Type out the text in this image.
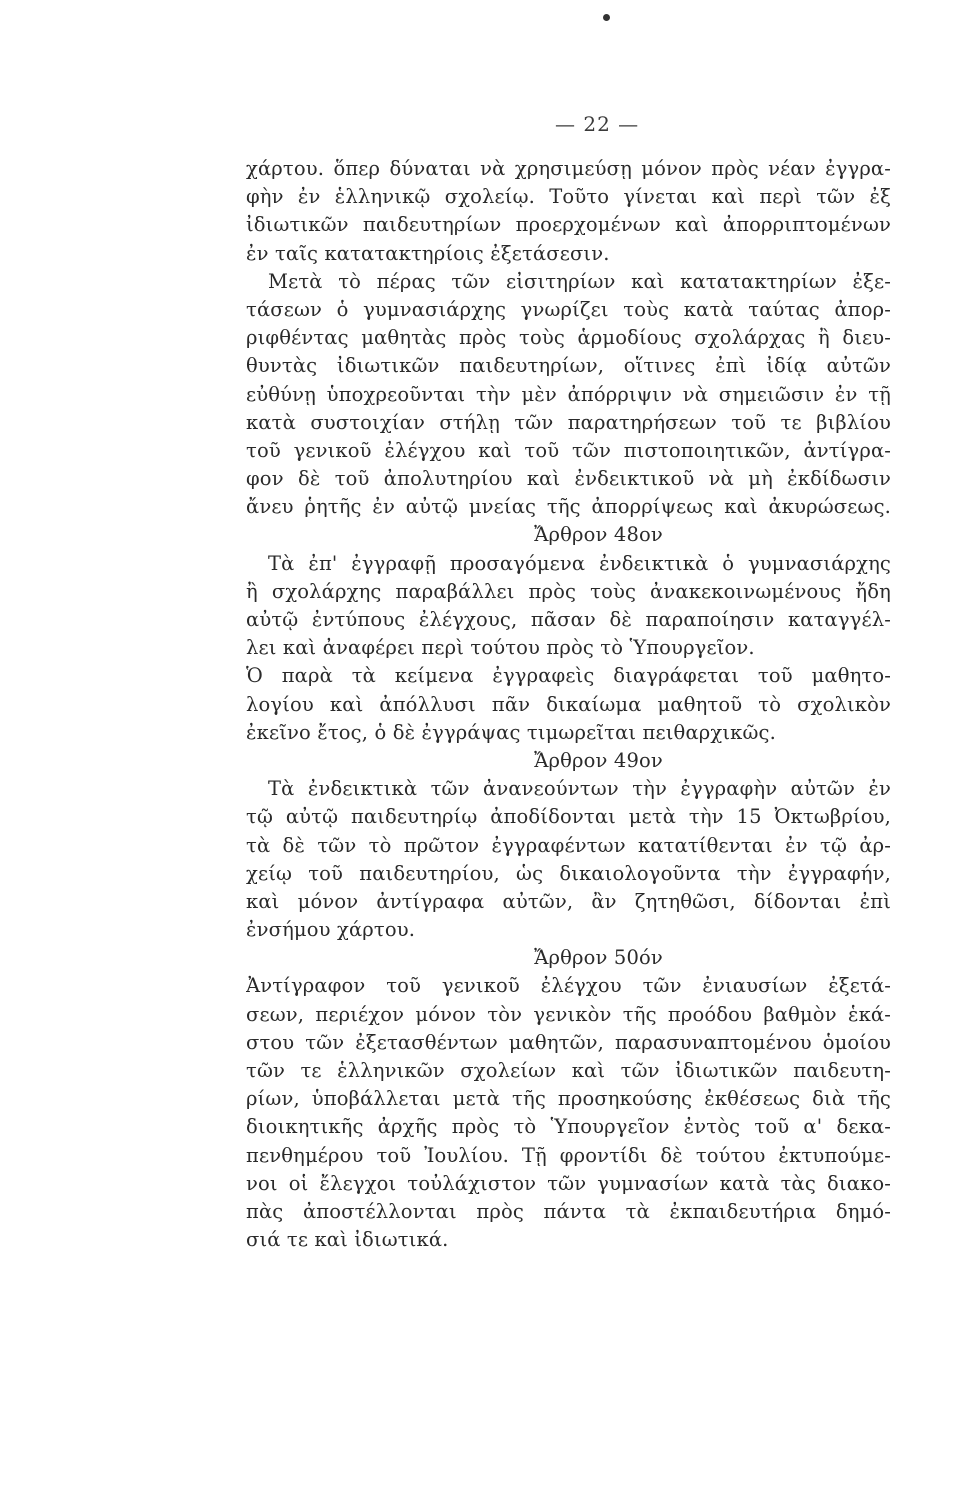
— 22 —
χάρτου. ὅπερ δύναται νὰ χρησιμεύσῃ μόνον πρὸς νέαν ἐγγρα-
φὴν ἐν ἑλληνικῷ σχολείῳ. Τοῦτο γίνεται καὶ περὶ τῶν ἐξ
ἰδιωτικῶν παιδευτηρίων προερχομένων καὶ ἀπορριπτομένων
ἐν ταῖς κατατακτηρίοις ἐξετάσεσιν.
Μετὰ τὸ πέρας τῶν εἰσιτηρίων καὶ κατατακτηρίων ἐξε-
τάσεων ὁ γυμνασιάρχης γνωρίζει τοὺς κατὰ ταύτας ἀπορ-
ριφθέντας μαθητὰς πρὸς τοὺς ἁρμοδίους σχολάρχας ἢ διευ-
θυντὰς ἰδιωτικῶν παιδευτηρίων, οἵτινες ἐπὶ ἰδίᾳ αὐτῶν
εὐθύνῃ ὑποχρεοῦνται τὴν μὲν ἀπόρριψιν νὰ σημειῶσιν ἐν τῇ
κατὰ συστοιχίαν στήλῃ τῶν παρατηρήσεων τοῦ τε βιβλίου
τοῦ γενικοῦ ἐλέγχου καὶ τοῦ τῶν πιστοποιητικῶν, ἀντίγρα-
φον δὲ τοῦ ἀπολυτηρίου καὶ ἐνδεικτικοῦ νὰ μὴ ἐκδίδωσιν
ἄνευ ῥητῆς ἐν αὐτῷ μνείας τῆς ἀπορρίψεως καὶ ἀκυρώσεως.
Ἄρθρον 48ον
Τὰ ἐπ' ἐγγραφῇ προσαγόμενα ἐνδεικτικὰ ὁ γυμνασιάρχης
ἢ σχολάρχης παραβάλλει πρὸς τοὺς ἀνακεκοινωμένους ἤδη
αὐτῷ ἐντύπους ἐλέγχους, πᾶσαν δὲ παραποίησιν καταγγέλ-
λει καὶ ἀναφέρει περὶ τούτου πρὸς τὸ Ὑπουργεῖον.
Ὁ παρὰ τὰ κείμενα ἐγγραφεὶς διαγράφεται τοῦ μαθητο-
λογίου καὶ ἀπόλλυσι πᾶν δικαίωμα μαθητοῦ τὸ σχολικὸν
ἐκεῖνο ἔτος, ὁ δὲ ἐγγράψας τιμωρεῖται πειθαρχικῶς.
Ἄρθρον 49ον
Τὰ ἐνδεικτικὰ τῶν ἀνανεούντων τὴν ἐγγραφὴν αὐτῶν ἐν
τῷ αὐτῷ παιδευτηρίῳ ἀποδίδονται μετὰ τὴν 15 Ὀκτωβρίου,
τὰ δὲ τῶν τὸ πρῶτον ἐγγραφέντων κατατίθενται ἐν τῷ ἀρ-
χείῳ τοῦ παιδευτηρίου, ὡς δικαιολογοῦντα τὴν ἐγγραφήν,
καὶ μόνον ἀντίγραφα αὐτῶν, ἂν ζητηθῶσι, δίδονται ἐπὶ
ἐνσήμου χάρτου.
Ἄρθρον 50όν
Ἀντίγραφον τοῦ γενικοῦ ἐλέγχου τῶν ἐνιαυσίων ἐξετά-
σεων, περιέχον μόνον τὸν γενικὸν τῆς προόδου βαθμὸν ἑκά-
στου τῶν ἐξετασθέντων μαθητῶν, παρασυναπτομένου ὁμοίου
τῶν τε ἑλληνικῶν σχολείων καὶ τῶν ἰδιωτικῶν παιδευτη-
ρίων, ὑποβάλλεται μετὰ τῆς προσηκούσης ἐκθέσεως διὰ τῆς
διοικητικῆς ἀρχῆς πρὸς τὸ Ὑπουργεῖον ἐντὸς τοῦ α' δεκα-
πενθημέρου τοῦ Ἰουλίου. Τῇ φροντίδι δὲ τούτου ἐκτυπούμε-
νοι οἱ ἔλεγχοι τοὐλάχιστον τῶν γυμνασίων κατὰ τὰς διακο-
πὰς ἀποστέλλονται πρὸς πάντα τὰ ἐκπαιδευτήρια δημό-
σιά τε καὶ ἰδιωτικά.
